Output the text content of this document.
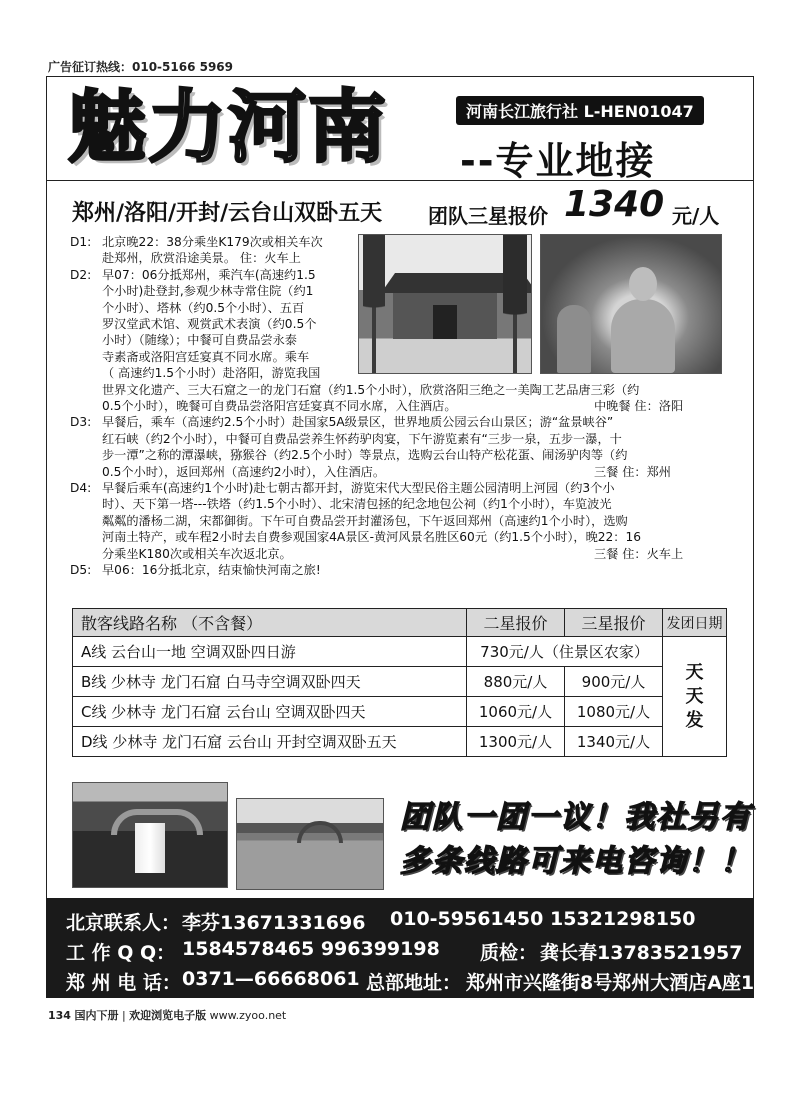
广告征订热线：010-5166 5969
魅力河南	河南长江旅行社 L-HEN01047
--专业地接
郑州/洛阳/开封/云台山双卧五天 团队三星报价 1340 元/人
D1: 北京晚22：38分乘坐K179次或相关车次
赴郑州，欣赏沿途美景。 住：火车上
D2: 早07：06分抵郑州，乘汽车(高速约1.5
个小时)赴登封,参观少林寺常住院（约1
个小时）、塔林（约0.5个小时）、五百
罗汉堂武术馆、观赏武术表演（约0.5个
小时）（随缘）；中餐可自费品尝永泰
寺素斋或洛阳宫廷宴真不同水席。乘车
（ 高速约1.5个小时）赴洛阳，游览我国
世界文化遗产、三大石窟之一的龙门石窟（约1.5个小时），欣赏洛阳三绝之一美陶工艺品唐三彩（约
0.5个小时），晚餐可自费品尝洛阳宫廷宴真不同水席，入住酒店。	中晚餐 住：洛阳
D3: 早餐后，乘车（高速约2.5个小时）赴国家5A级景区，世界地质公园云台山景区；游“盆景峡谷”
红石峡（约2个小时），中餐可自费品尝养生怀药驴肉宴，下午游览素有“三步一泉，五步一瀑，十
步一潭”之称的潭瀑峡，猕猴谷（约2.5个小时）等景点，选购云台山特产松花蛋、闹汤驴肉等（约
0.5个小时），返回郑州（高速约2小时），入住酒店。	三餐 住：郑州
D4: 早餐后乘车(高速约1个小时)赴七朝古都开封，游览宋代大型民俗主题公园清明上河园（约3个小
时）、天下第一塔---铁塔（约1.5个小时）、北宋清包拯的纪念地包公祠（约1个小时），车览波光
粼粼的潘杨二湖，宋都御街。下午可自费品尝开封灌汤包，下午返回郑州（高速约1个小时），选购
河南土特产，或车程2小时去自费参观国家4A景区-黄河风景名胜区60元（约1.5个小时），晚22：16
分乘坐K180次或相关车次返北京。	三餐 住：火车上
D5: 早06：16分抵北京，结束愉快河南之旅!
散客线路名称 （不含餐）	二星报价	三星报价	发团日期
A线 云台山一地 空调双卧四日游	730元/人（住景区农家）		天天发
B线 少林寺 龙门石窟 白马寺空调双卧四天	880元/人	900元/人	
C线 少林寺 龙门石窟 云台山 空调双卧四天	1060元/人	1080元/人	
D线 少林寺 龙门石窟 云台山 开封空调双卧五天	1300元/人	1340元/人	
团队一团一议！我社另有
多条线路可来电咨询！！
北京联系人： 李芬13671331696 010-59561450 15321298150
工 作 Q Q： 1584578465 996399198 质检： 龚长春13783521957
郑 州 电 话： 0371—66668061 总部地址： 郑州市兴隆街8号郑州大酒店A座14F
134 国内下册 | 欢迎浏览电子版 www.zyoo.net
